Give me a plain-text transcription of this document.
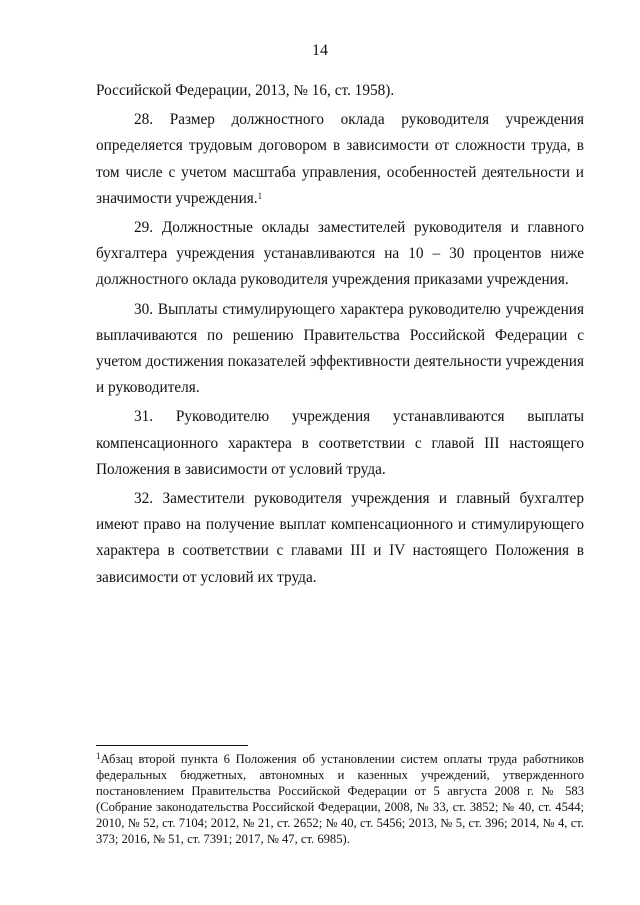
14

Российской Федерации, 2013, № 16, ст. 1958).

28. Размер должностного оклада руководителя учреждения определяется трудовым договором в зависимости от сложности труда, в том числе с учетом масштаба управления, особенностей деятельности и значимости учреждения.$^1$

29. Должностные оклады заместителей руководителя и главного бухгалтера учреждения устанавливаются на 10 – 30 процентов ниже должностного оклада руководителя учреждения приказами учреждения.

30. Выплаты стимулирующего характера руководителю учреждения выплачиваются по решению Правительства Российской Федерации с учетом достижения показателей эффективности деятельности учреждения и руководителя.

31. Руководителю учреждения устанавливаются выплаты компенсационного характера в соответствии с главой III настоящего Положения в зависимости от условий труда.

32. Заместители руководителя учреждения и главный бухгалтер имеют право на получение выплат компенсационного и стимулирующего характера в соответствии с главами III и IV настоящего Положения в зависимости от условий их труда.

$^1$Абзац второй пункта 6 Положения об установлении систем оплаты труда работников федеральных бюджетных, автономных и казенных учреждений, утвержденного постановлением Правительства Российской Федерации от 5 августа 2008 г. № 583 (Собрание законодательства Российской Федерации, 2008, № 33, ст. 3852; № 40, ст. 4544; 2010, № 52, ст. 7104; 2012, № 21, ст. 2652; № 40, ст. 5456; 2013, № 5, ст. 396; 2014, № 4, ст. 373; 2016, № 51, ст. 7391; 2017, № 47, ст. 6985).
